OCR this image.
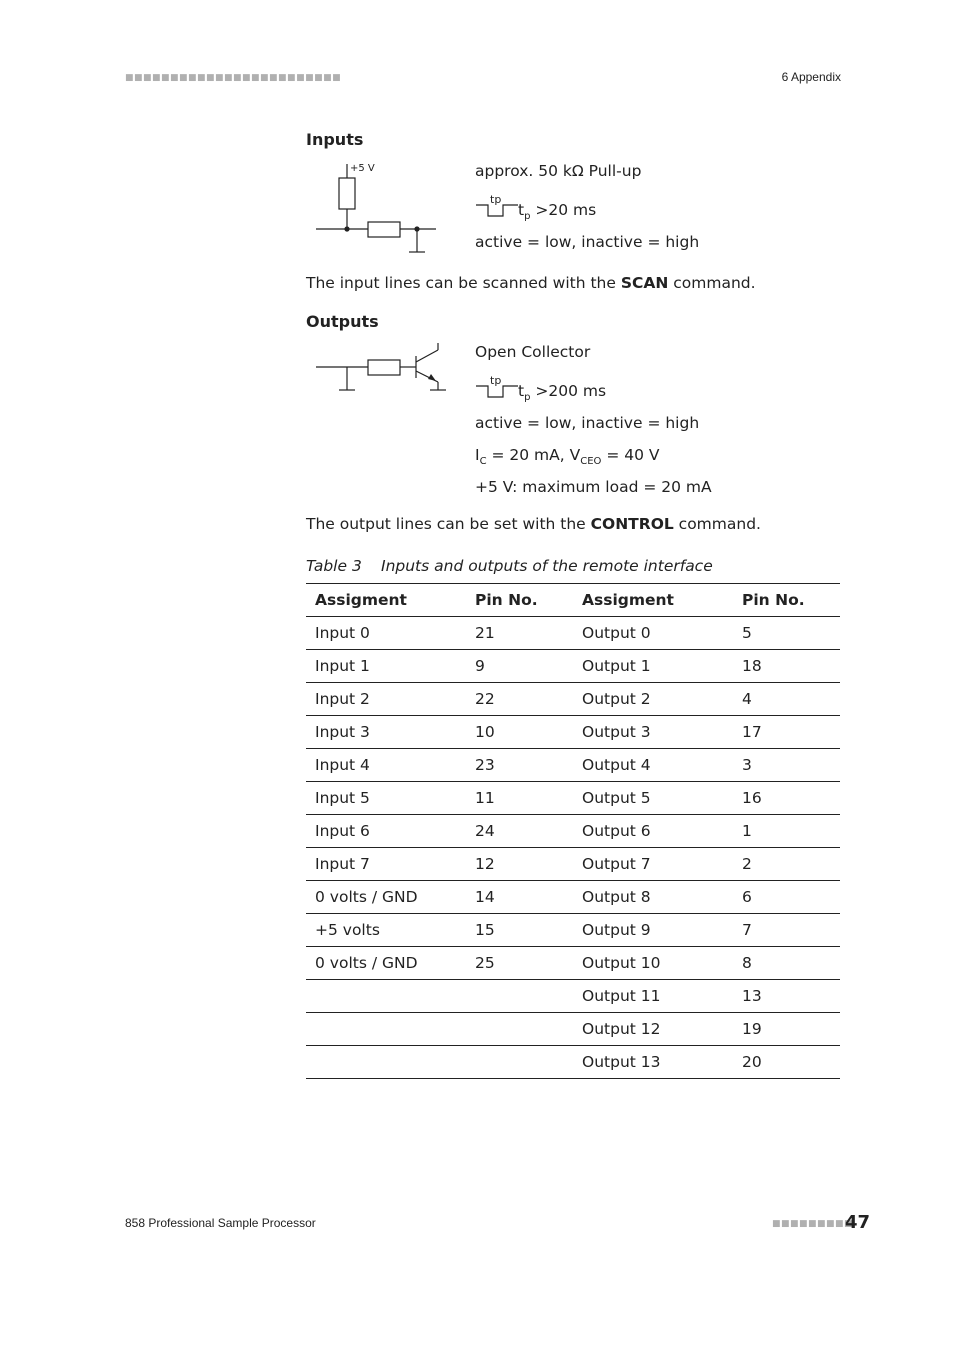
■■■■■■■■■■■■■■■■■■■■■■■■	6 Appendix
Inputs
+5 V	approx. 50 kΩ Pull-up
tp
$t_p >20$ ms
active = low, inactive = high
The input lines can be scanned with the SCAN command.
Outputs
Open Collector
tp
$t_p >200$ ms
active = low, inactive = high
$I_C = 20$ mA, $V_{CEO} = 40$ V
+5 V: maximum load = 20 mA
The output lines can be set with the CONTROL command.
Table 3 Inputs and outputs of the remote interface
Assigment	Pin No.	Assigment	Pin No.
Input 0	21	Output 0	5
Input 1	9	Output 1	18
Input 2	22	Output 2	4
Input 3	10	Output 3	17
Input 4	23	Output 4	3
Input 5	11	Output 5	16
Input 6	24	Output 6	1
Input 7	12	Output 7	2
0 volts / GND	14	Output 8	6
+5 volts	15	Output 9	7
0 volts / GND	25	Output 10	8
		Output 11	13
		Output 12	19
		Output 13	20
858 Professional Sample Processor	■■■■■■■■■
47
